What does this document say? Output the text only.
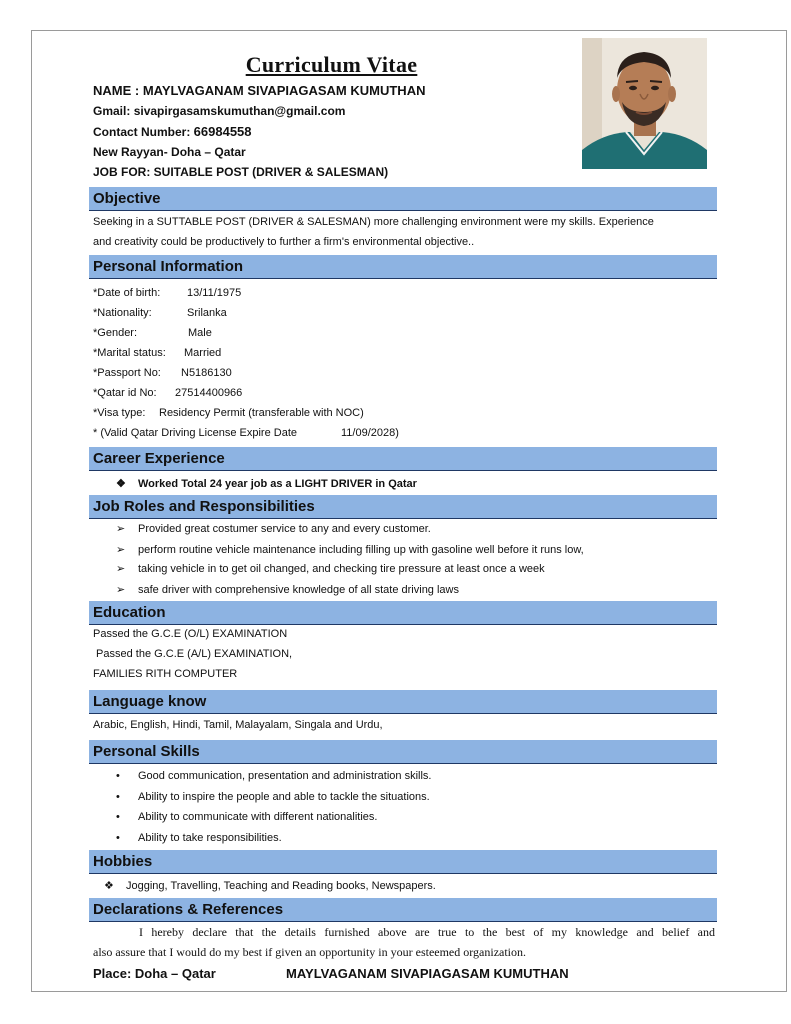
Curriculum Vitae
NAME : MAYLVAGANAM SIVAPIAGASAM KUMUTHAN
Gmail: sivapirgasamskumuthan@gmail.com
Contact Number: 66984558
New Rayyan- Doha – Qatar
JOB FOR: SUITABLE POST (DRIVER & SALESMAN)
Objective
Seeking in a SUTTABLE POST (DRIVER & SALESMAN) more challenging environment were my skills. Experience
and creativity could be productively to further a firm's environmental objective..
Personal Information
*Date of birth: 13/11/1975
*Nationality:	Srilanka
*Gender:	Male
*Marital status: Married
*Passport No: N5186130
*Qatar id No: 27514400966
*Visa type: Residency Permit (transferable with NOC)
* (Valid Qatar Driving License Expire Date	11/09/2028)
Career Experience
❖ Worked Total 24 year job as a LIGHT DRIVER in Qatar
Job Roles and Responsibilities
➢ Provided great costumer service to any and every customer.
➢ perform routine vehicle maintenance including filling up with gasoline well before it runs low,
➢ taking vehicle in to get oil changed, and checking tire pressure at least once a week
➢ safe driver with comprehensive knowledge of all state driving laws
Education
Passed the G.C.E (O/L) EXAMINATION
Passed the G.C.E (A/L) EXAMINATION,
FAMILIES RITH COMPUTER
Language know
Arabic, English, Hindi, Tamil, Malayalam, Singala and Urdu,
Personal Skills
• Good communication, presentation and administration skills.
• Ability to inspire the people and able to tackle the situations.
• Ability to communicate with different nationalities.
• Ability to take responsibilities.
Hobbies
❖ Jogging, Travelling, Teaching and Reading books, Newspapers.
Declarations & References
I hereby declare that the details furnished above are true to the best of my knowledge and belief and
also assure that I would do my best if given an opportunity in your esteemed organization.
Place: Doha – Qatar	MAYLVAGANAM SIVAPIAGASAM KUMUTHAN
